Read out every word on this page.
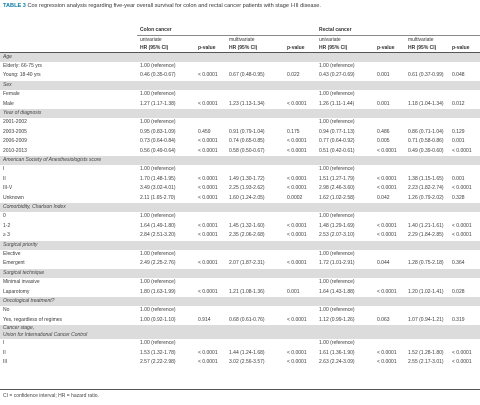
TABLE 3 Cox regression analysis regarding five-year overall survival for colon and rectal cancer patients with stage I-III disease.
	Colon cancer				Rectal cancer			
	univariate		multivariate		univariate		multivariate	
	HR (95% CI)	p-value	HR (95% CI)	p-value	HR (95% CI)	p-value	HR (95% CI)	p-value
Age								
Elderly: 66-75 yrs	1.00 (reference)				1.00 (reference)			
Young: 18-40 yrs	0.46 (0.35-0.67)	< 0.0001	0.67 (0.48-0.95)	0.022	0.43 (0.27-0.69)	0.001	0.61 (0.37-0.99)	0.048
Sex								
Female	1.00 (reference)				1.00 (reference)			
Male	1.27 (1.17-1.38)	< 0.0001	1.23 (1.13-1.34)	< 0.0001	1.26 (1.11-1.44)	0.001	1.18 (1.04-1.34)	0.012
Year of diagnosis								
2001-2002	1.00 (reference)				1.00 (reference)			
2003-2005	0.95 (0.83-1.09)	0.459	0.91 (0.79-1.04)	0.175	0.94 (0.77-1.13)	0.486	0.86 (0.71-1.04)	0.129
2006-2009	0.73 (0.64-0.84)	< 0.0001	0.74 (0.65-0.85)	< 0.0001	0.77 (0.64-0.92)	0.005	0.71 (0.58-0.86)	0.001
2010-2013	0.56 (0.49-0.64)	< 0.0001	0.58 (0.50-0.67)	< 0.0001	0.51 (0.42-0.61)	< 0.0001	0.49 (0.39-0.60)	< 0.0001
American Society of Anesthesiologists score								
I	1.00 (reference)				1.00 (reference)			
II	1.70 (1.48-1.95)	< 0.0001	1.49 (1.30-1.72)	< 0.0001	1.51 (1.27-1.79)	< 0.0001	1.38 (1.15-1.65)	0.001
III-V	3.49 (3.02-4.01)	< 0.0001	2.25 (1.93-2.62)	< 0.0001	2.98 (2.46-3.60)	< 0.0001	2.23 (1.82-2.74)	< 0.0001
Unknown	2.11 (1.65-2.70)	< 0.0001	1.60 (1.24-2.05)	0.0002	1.62 (1.02-2.58)	0.042	1.26 (0.79-2.02)	0.328
Comorbidity, Charlson Index								
0	1.00 (reference)				1.00 (reference)			
1-2	1.64 (1.49-1.80)	< 0.0001	1.45 (1.32-1.60)	< 0.0001	1.48 (1.29-1.69)	< 0.0001	1.40 (1.21-1.61)	< 0.0001
≥ 3	2.84 (2.51-3.20)	< 0.0001	2.35 (2.06-2.68)	< 0.0001	2.53 (2.07-3.10)	< 0.0001	2.29 (1.84-2.85)	< 0.0001
Surgical priority								
Elective	1.00 (reference)				1.00 (reference)			
Emergent	2.49 (2.25-2.76)	< 0.0001	2.07 (1.87-2.31)	< 0.0001	1.72 (1.01-2.91)	0.044	1.28 (0.75-2.18)	0.364
Surgical technique								
Minimal invasive	1.00 (reference)				1.00 (reference)			
Laparotomy	1.80 (1.63-1.99)	< 0.0001	1.21 (1.08-1.36)	0.001	1.64 (1.43-1.88)	< 0.0001	1.20 (1.02-1.41)	0.028
Oncological treatment?								
No	1.00 (reference)				1.00 (reference)			
Yes, regardless of regimes	1.00 (0.92-1.10)	0.914	0.68 (0.61-0.76)	< 0.0001	1.12 (0.99-1.26)	0.063	1.07 (0.94-1.21)	0.319
Cancer stage,								
Union for International Cancer Control								
I	1.00 (reference)				1.00 (reference)			
II	1.53 (1.32-1.78)	< 0.0001	1.44 (1.24-1.68)	< 0.0001	1.61 (1.36-1.90)	< 0.0001	1.52 (1.28-1.80)	< 0.0001
III	2.57 (2.22-2.98)	< 0.0001	3.02 (2.56-3.57)	< 0.0001	2.63 (2.24-3.09)	< 0.0001	2.55 (2.17-3.01)	< 0.0001
CI = confidence interval; HR = hazard ratio.
